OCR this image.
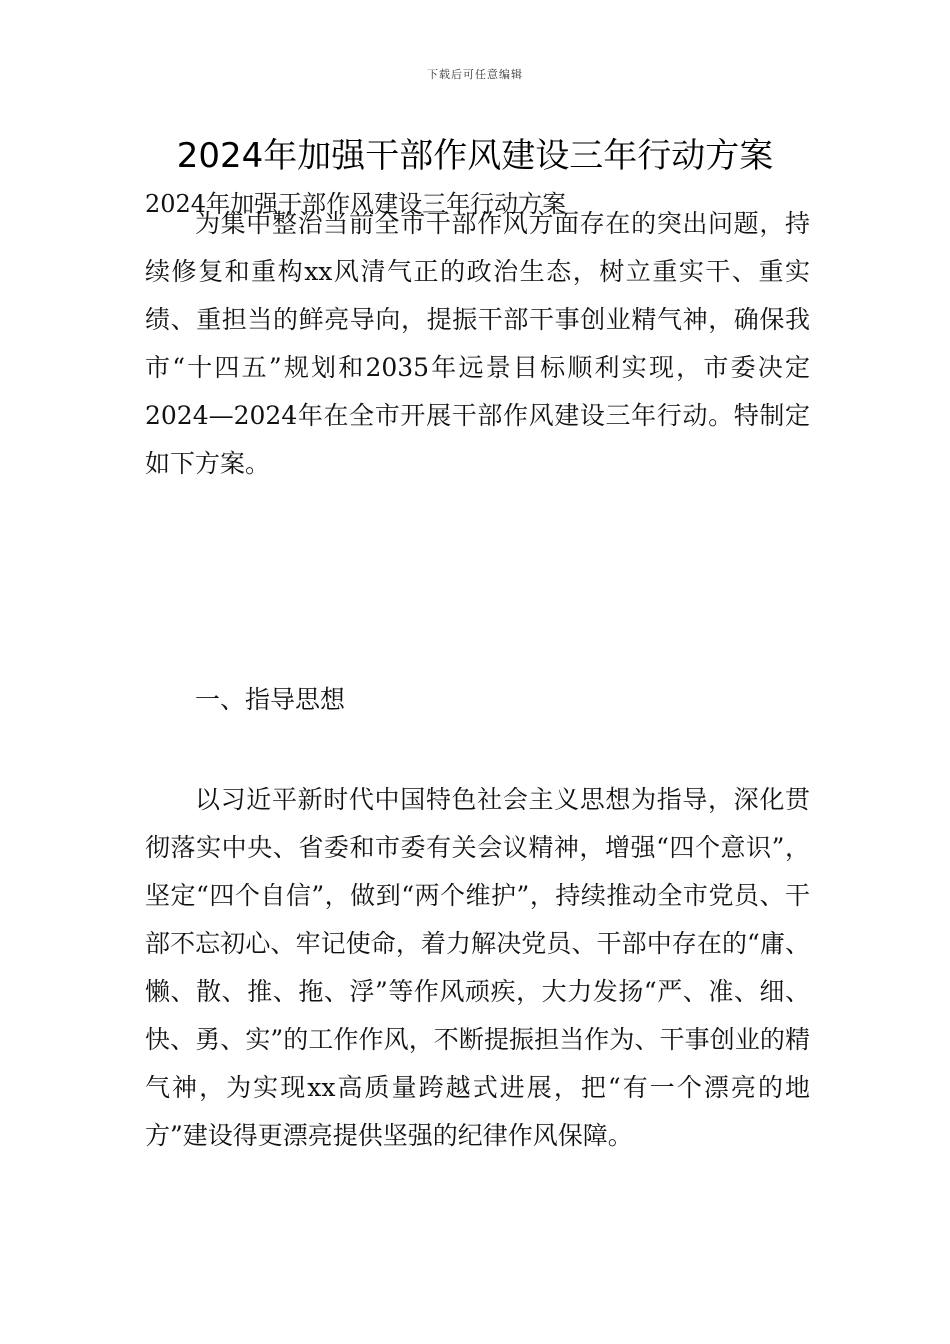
下载后可任意编辑
2024年加强干部作风建设三年行动方案
2024年加强干部作风建设三年行动方案

为集中整治当前全市干部作风方面存在的突出问题，持续修复和重构xx风清气正的政治生态，树立重实干、重实绩、重担当的鲜亮导向，提振干部干事创业精气神，确保我市“十四五”规划和2035年远景目标顺利实现，市委决定2024—2024年在全市开展干部作风建设三年行动。特制定如下方案。

一、指导思想

以习近平新时代中国特色社会主义思想为指导，深化贯彻落实中央、省委和市委有关会议精神，增强“四个意识”，坚定“四个自信”，做到“两个维护”，持续推动全市党员、干部不忘初心、牢记使命，着力解决党员、干部中存在的“庸、懒、散、推、拖、浮”等作风顽疾，大力发扬“严、准、细、快、勇、实”的工作作风，不断提振担当作为、干事创业的精气神，为实现xx高质量跨越式进展，把“有一个漂亮的地方”建设得更漂亮提供坚强的纪律作风保障。
